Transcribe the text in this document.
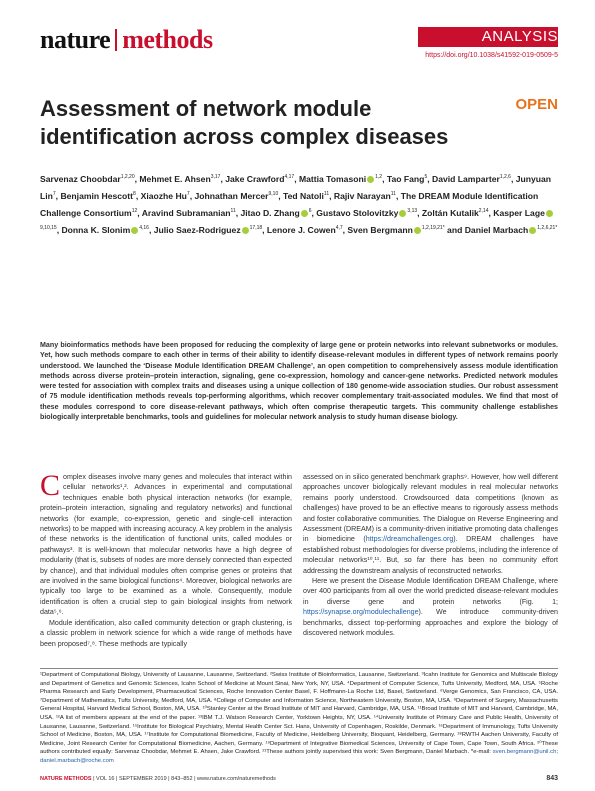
nature methods	ANALYSIS
https://doi.org/10.1038/s41592-019-0509-5
OPEN
Assessment of network module identification across complex diseases
Sarvenaz Choobdar$^{1,2,20}$, Mehmet E. Ahsen$^{3,17}$, Jake Crawford$^{4,17}$, Mattia Tomasoni $^{1,2}$, Tao Fang$^5$, David Lamparter$^{1,2,6}$, Junyuan Lin$^7$, Benjamin Hescott$^8$, Xiaozhe Hu$^7$, Johnathan Mercer$^{9,10}$, Ted Natoli$^{11}$, Rajiv Narayan$^{11}$, The DREAM Module Identification Challenge Consortium$^{12}$, Aravind Subramanian$^{11}$, Jitao D. Zhang $^6$, Gustavo Stolovitzky $^{3,13}$, Zoltán Kutalik$^{2,14}$, Kasper Lage$^{9,10,15}$, Donna K. Slonim $^{4,16}$, Julio Saez-Rodriguez $^{17,18}$, Lenore J. Cowen$^{4,7}$, Sven Bergmann $^{1,2,19,21*}$ and Daniel Marbach $^{1,2,6,21*}$
Many bioinformatics methods have been proposed for reducing the complexity of large gene or protein networks into relevant subnetworks or modules. Yet, how such methods compare to each other in terms of their ability to identify disease-relevant modules in different types of network remains poorly understood. We launched the ‘Disease Module Identification DREAM Challenge’, an open competition to comprehensively assess module identification methods across diverse protein–protein interaction, signaling, gene co-expression, homology and cancer-gene networks. Predicted network modules were tested for association with complex traits and diseases using a unique collection of 180 genome-wide association studies. Our robust assessment of 75 module identification methods reveals top-performing algorithms, which recover complementary trait-associated modules. We find that most of these modules correspond to core disease-relevant pathways, which often comprise therapeutic targets. This community challenge establishes biologically interpretable benchmarks, tools and guidelines for molecular network analysis to study human disease biology.

Complex diseases involve many genes and molecules that interact within cellular networks¹,². Advances in experimental and computational techniques enable both physical interaction networks (for example, protein–protein interaction, signaling and regulatory networks) and functional networks (for example, co-expression, genetic and single-cell interaction networks) to be mapped with increasing accuracy. A key problem in the analysis of these networks is the identification of functional units, called modules or pathways³. It is well-known that molecular networks have a high degree of modularity (that is, subsets of nodes are more densely connected than expected by chance), and that individual modules often comprise genes or proteins that are involved in the same biological functions⁴. Moreover, biological networks are typically too large to be examined as a whole. Consequently, module identification is often a crucial step to gain biological insights from network data⁵,⁶.

Module identification, also called community detection or graph clustering, is a classic problem in network science for which a wide range of methods have been proposed⁷,⁸. These methods are typically

assessed on in silico generated benchmark graphs⁹. However, how well different approaches uncover biologically relevant modules in real molecular networks remains poorly understood. Crowdsourced data competitions (known as challenges) have proved to be an effective means to rigorously assess methods and foster collaborative communities. The Dialogue on Reverse Engineering and Assessment (DREAM) is a community-driven initiative promoting data challenges in biomedicine (https://dreamchallenges.org). DREAM challenges have established robust methodologies for diverse problems, including the inference of molecular networks¹⁰,¹¹. But, so far there has been no community effort addressing the downstream analysis of reconstructed networks.

Here we present the Disease Module Identification DREAM Challenge, where over 400 participants from all over the world predicted disease-relevant modules in diverse gene and protein networks (Fig. 1; https://synapse.org/modulechallenge). We introduce community-driven benchmarks, dissect top-performing approaches and explore the biology of discovered network modules.

¹Department of Computational Biology, University of Lausanne, Lausanne, Switzerland. ²Swiss Institute of Bioinformatics, Lausanne, Switzerland. ³Icahn Institute for Genomics and Multiscale Biology and Department of Genetics and Genomic Sciences, Icahn School of Medicine at Mount Sinai, New York, NY, USA. ⁴Department of Computer Science, Tufts University, Medford, MA, USA. ⁵Roche Pharma Research and Early Development, Pharmaceutical Sciences, Roche Innovation Center Basel, F. Hoffmann-La Roche Ltd, Basel, Switzerland. ⁶Verge Genomics, San Francisco, CA, USA. ⁷Department of Mathematics, Tufts University, Medford, MA, USA. ⁸College of Computer and Information Science, Northeastern University, Boston, MA, USA. ⁹Department of Surgery, Massachusetts General Hospital, Harvard Medical School, Boston, MA, USA. ¹⁰Stanley Center at the Broad Institute of MIT and Harvard, Cambridge, MA, USA. ¹¹Broad Institute of MIT and Harvard, Cambridge, MA, USA. ¹²A list of members appears at the end of the paper. ¹³IBM T.J. Watson Research Center, Yorktown Heights, NY, USA. ¹⁴University Institute of Primary Care and Public Health, University of Lausanne, Lausanne, Switzerland. ¹⁵Institute for Biological Psychiatry, Mental Health Center Sct. Hans, University of Copenhagen, Roskilde, Denmark. ¹⁶Department of Immunology, Tufts University School of Medicine, Boston, MA, USA. ¹⁷Institute for Computational Biomedicine, Faculty of Medicine, Heidelberg University, Bioquant, Heidelberg, Germany. ¹⁸RWTH Aachen University, Faculty of Medicine, Joint Research Center for Computational Biomedicine, Aachen, Germany. ¹⁹Department of Integrative Biomedical Sciences, University of Cape Town, Cape Town, South Africa. ²⁰These authors contributed equally: Sarvenaz Choobdar, Mehmet E. Ahsen, Jake Crawford. ²¹These authors jointly supervised this work: Sven Bergmann, Daniel Marbach. *e-mail: sven.bergmann@unil.ch; daniel.marbach@roche.com
NATURE METHODS | VOL 16 | SEPTEMBER 2019 | 843–852 | www.nature.com/naturemethods	843
